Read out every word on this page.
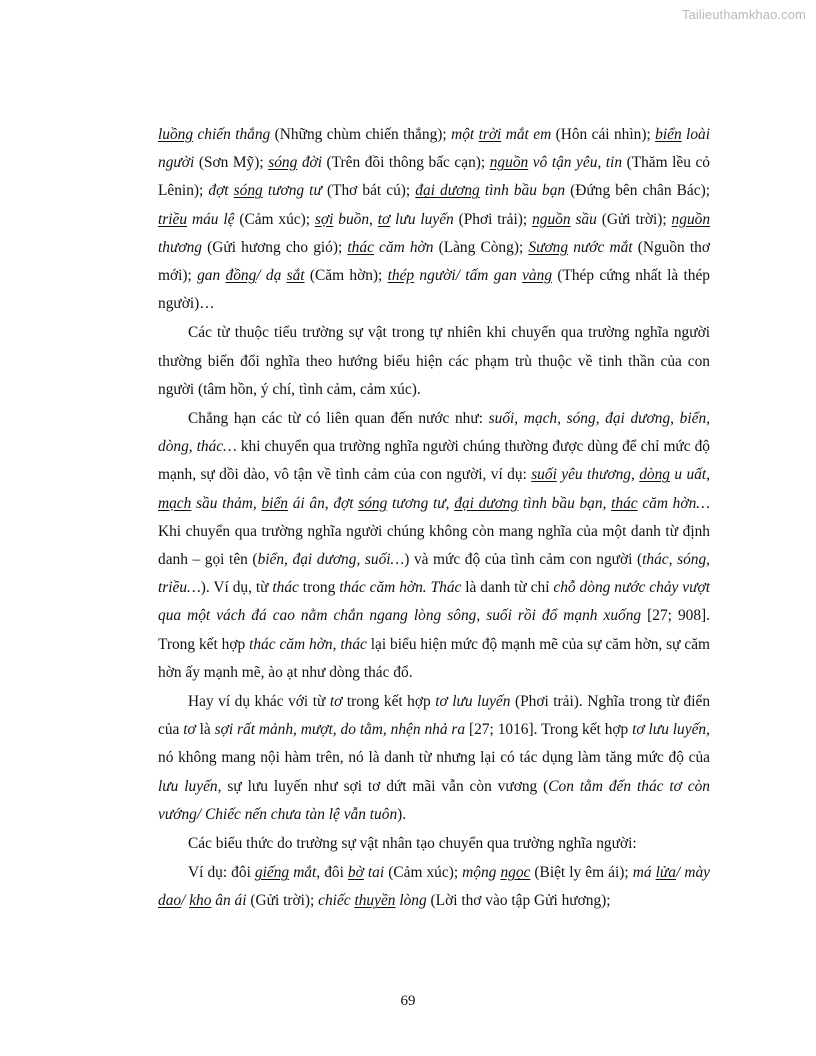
Tailieuthamkhao.com

luồng chiến thắng (Những chùm chiến thắng); một trời mắt em (Hôn cái nhìn); biển loài người (Sơn Mỹ); sóng đời (Trên đồi thông bấc cạn); nguồn vô tận yêu, tin (Thăm lều cỏ Lênin); đợt sóng tương tư (Thơ bát cú); đại dương tình bầu bạn (Đứng bên chân Bác); triều máu lệ (Cảm xúc); sợi buồn, tơ lưu luyến (Phơi trải); nguồn sầu (Gửi trời); nguồn thương (Gửi hương cho gió); thác căm hờn (Làng Còng); Sương nước mắt (Nguồn thơ mới); gan đồng/ dạ sắt (Căm hờn); thép người/ tấm gan vàng (Thép cứng nhất là thép người)…

Các từ thuộc tiểu trường sự vật trong tự nhiên khi chuyển qua trường nghĩa người thường biến đổi nghĩa theo hướng biểu hiện các phạm trù thuộc về tinh thần của con người (tâm hồn, ý chí, tình cảm, cảm xúc).

Chẳng hạn các từ có liên quan đến nước như: suối, mạch, sóng, đại dương, biển, dòng, thác… khi chuyển qua trường nghĩa người chúng thường được dùng để chỉ mức độ mạnh, sự dồi dào, vô tận về tình cảm của con người, ví dụ: suối yêu thương, dòng u uất, mạch sầu thảm, biển ái ân, đợt sóng tương tư, đại dương tình bầu bạn, thác căm hờn… Khi chuyển qua trường nghĩa người chúng không còn mang nghĩa của một danh từ định danh – gọi tên (biển, đại dương, suối…) và mức độ của tình cảm con người (thác, sóng, triều…). Ví dụ, từ thác trong thác căm hờn. Thác là danh từ chỉ chỗ dòng nước chảy vượt qua một vách đá cao nằm chắn ngang lòng sông, suối rồi đổ mạnh xuống [27; 908]. Trong kết hợp thác căm hờn, thác lại biểu hiện mức độ mạnh mẽ của sự căm hờn, sự căm hờn ấy mạnh mẽ, ào ạt như dòng thác đổ.

Hay ví dụ khác với từ tơ trong kết hợp tơ lưu luyến (Phơi trải). Nghĩa trong từ điển của tơ là sợi rất mảnh, mượt, do tằm, nhện nhả ra [27; 1016]. Trong kết hợp tơ lưu luyến, nó không mang nội hàm trên, nó là danh từ nhưng lại có tác dụng làm tăng mức độ của lưu luyến, sự lưu luyến như sợi tơ dứt mãi vẫn còn vương (Con tằm đến thác tơ còn vướng/ Chiếc nến chưa tàn lệ vẫn tuôn).

Các biểu thức do trường sự vật nhân tạo chuyển qua trường nghĩa người:

Ví dụ: đôi giếng mắt, đôi bờ tai (Cảm xúc); mộng ngọc (Biệt ly êm ái); má lửa/ mày dao/ kho ân ái (Gửi trời); chiếc thuyền lòng (Lời thơ vào tập Gửi hương);

69
